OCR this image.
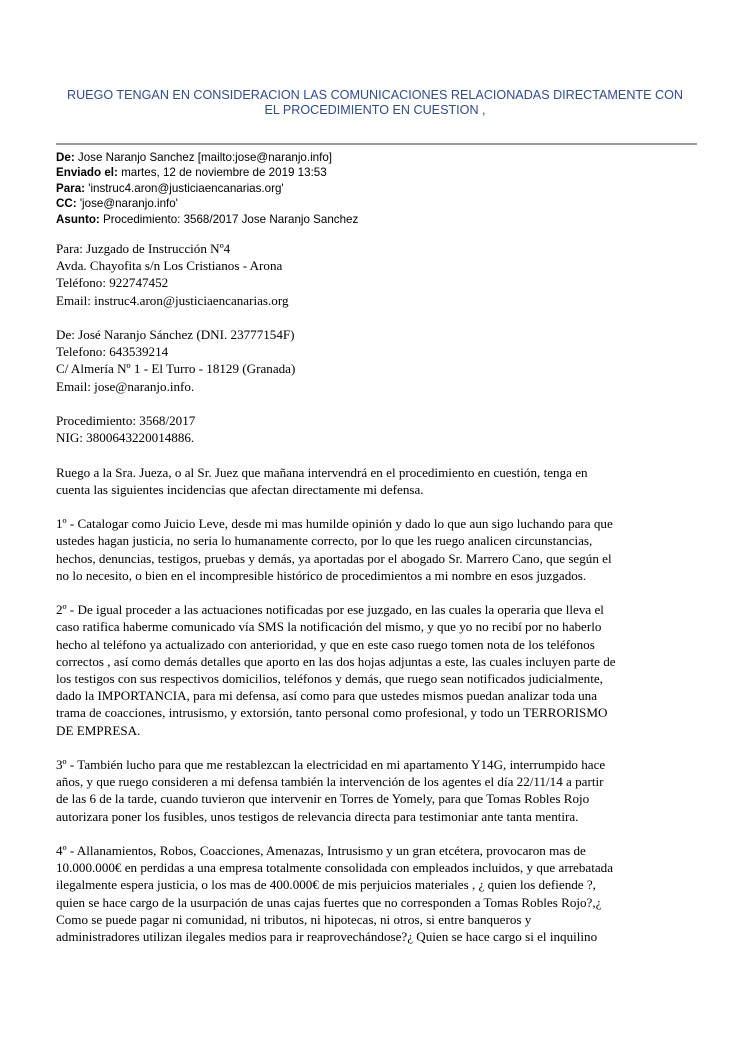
RUEGO TENGAN EN CONSIDERACION LAS COMUNICACIONES RELACIONADAS DIRECTAMENTE CON
EL PROCEDIMIENTO EN CUESTION ,
De: Jose Naranjo Sanchez [mailto:jose@naranjo.info]
Enviado el: martes, 12 de noviembre de 2019 13:53
Para: 'instruc4.aron@justiciaencanarias.org'
CC: 'jose@naranjo.info'
Asunto: Procedimiento: 3568/2017 Jose Naranjo Sanchez
Para: Juzgado de Instrucción Nº4
Avda. Chayofita s/n Los Cristianos - Arona
Teléfono: 922747452
Email: instruc4.aron@justiciaencanarias.org
De: José Naranjo Sánchez (DNI. 23777154F)
Telefono: 643539214
C/ Almería Nº 1 - El Turro - 18129 (Granada)
Email: jose@naranjo.info.
Procedimiento: 3568/2017
NIG: 3800643220014886.
Ruego a la Sra. Jueza, o al Sr. Juez que mañana intervendrá en el procedimiento en cuestión, tenga en
cuenta las siguientes incidencias que afectan directamente mi defensa.
1º - Catalogar como Juicio Leve, desde mi mas humilde opinión y dado lo que aun sigo luchando para que
ustedes hagan justicia, no seria lo humanamente correcto, por lo que les ruego analicen circunstancias,
hechos, denuncias, testigos, pruebas y demás, ya aportadas por el abogado Sr. Marrero Cano, que según el
no lo necesito, o bien en el incompresible histórico de procedimientos a mi nombre en esos juzgados.
2º - De igual proceder a las actuaciones notificadas por ese juzgado, en las cuales la operaria que lleva el
caso ratifica haberme comunicado vía SMS la notificación del mismo, y que yo no recibí por no haberlo
hecho al teléfono ya actualizado con anterioridad, y que en este caso ruego tomen nota de los teléfonos
correctos , así como demás detalles que aporto en las dos hojas adjuntas a este, las cuales incluyen parte de
los testigos con sus respectivos domicilios, teléfonos y demás, que ruego sean notificados judicialmente,
dado la IMPORTANCIA, para mi defensa, así como para que ustedes mismos puedan analizar toda una
trama de coacciones, intrusismo, y extorsión, tanto personal como profesional, y todo un TERRORISMO
DE EMPRESA.
3º - También lucho para que me restablezcan la electricidad en mi apartamento Y14G, interrumpido hace
años, y que ruego consideren a mi defensa también la intervención de los agentes el día 22/11/14 a partir
de las 6 de la tarde, cuando tuvieron que intervenir en Torres de Yomely, para que Tomas Robles Rojo
autorizara poner los fusibles, unos testigos de relevancia directa para testimoniar ante tanta mentira.
4º - Allanamientos, Robos, Coacciones, Amenazas, Intrusismo y un gran etcétera, provocaron mas de
10.000.000€ en perdidas a una empresa totalmente consolidada con empleados incluidos, y que arrebatada
ilegalmente espera justicia, o los mas de 400.000€ de mis perjuicios materiales , ¿ quien los defiende ?,
quien se hace cargo de la usurpación de unas cajas fuertes que no corresponden a Tomas Robles Rojo?,¿
Como se puede pagar ni comunidad, ni tributos, ni hipotecas, ni otros, si entre banqueros y
administradores utilizan ilegales medios para ir reaprovechándose?¿ Quien se hace cargo si el inquilino
